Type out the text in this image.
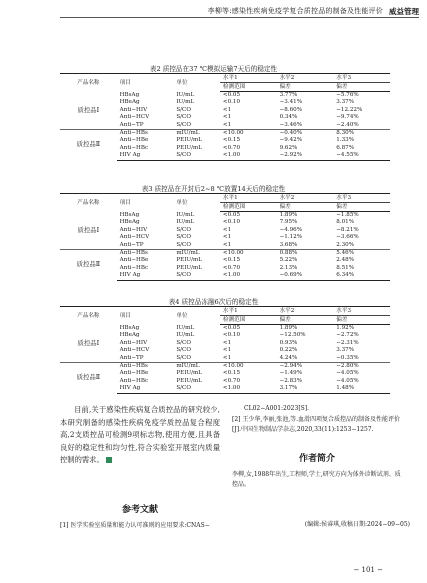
李柳等:感染性疾病免疫学复合质控品的制备及性能评价 威益管理
表2 质控品在37 ℃模拟运输7天后的稳定性
产品名称	项目	单位	水平1	水平2	水平3
			检测范围	偏差	偏差
质控品Ⅰ	HBsAg	IU/mL	<0.05	3.77%	−5.76%
	HBeAg	IU/mL	<0.10	−3.41%	3.37%
	Anti−HIV	S/CO	<1	−8.60%	−12.22%
	Anti−HCV	S/CO	<1	0.34%	−9.74%
	Anti−TP	S/CO	<1	−3.46%	−2.40%
质控品Ⅱ	Anti−HBs	mIU/mL	<10.00	−0.40%	8.30%
	Anti−HBe	PEIU/mL	<0.15	−9.42%	1.33%
	Anti−HBc	PEIU/mL	<0.70	9.62%	6.87%
	HIV Ag	S/CO	<1.00	−2.92%	−4.55%
表3 质控品在开封后2~8 ℃放置14天后的稳定性
产品名称	项目	单位	水平1	水平2	水平3
			检测范围	偏差	偏差
质控品Ⅰ	HBsAg	IU/mL	<0.05	1.89%	−1.85%
	HBeAg	IU/mL	<0.10	7.95%	8.01%
	Anti−HIV	S/CO	<1	−4.96%	−8.21%
	Anti−HCV	S/CO	<1	−1.12%	−3.66%
	Anti−TP	S/CO	<1	3.68%	2.30%
质控品Ⅱ	Anti−HBs	mIU/mL	<10.00	0.88%	5.46%
	Anti−HBe	PEIU/mL	<0.15	5.22%	2.48%
	Anti−HBc	PEIU/mL	<0.70	2.13%	8.51%
	HIV Ag	S/CO	<1.00	−0.69%	6.34%
表4 质控品冻融6次后的稳定性
产品名称	项目	单位	水平1	水平2	水平3
			检测范围	偏差	偏差
质控品Ⅰ	HBsAg	IU/mL	<0.05	1.89%	1.92%
	HBeAg	IU/mL	<0.10	−12.50%	−2.72%
	Anti−HIV	S/CO	<1	0.93%	−2.31%
	Anti−HCV	S/CO	<1	0.22%	3.37%
	Anti−TP	S/CO	<1	4.24%	−0.35%
质控品Ⅱ	Anti−HBs	mIU/mL	<10.00	−2.94%	−2.80%
	Anti−HBe	PEIU/mL	<0.15	−1.49%	−4.05%
	Anti−HBc	PEIU/mL	<0.70	−2.83%	−4.05%
	HIV Ag	S/CO	<1.00	3.17%	1.48%
目前,关于感染性疾病复合质控品的研究较少,本研究制备的感染性疾病免疫学质控品复合程度高,2支质控品可检测9项标志物,使用方便,且具备良好的稳定性和均匀性,符合实验室开展室内质量控制的需求。
参考文献
[1] 医学实验室质量和能力认可准则的应用要求:CNAS−
CL02−A001:2023[S].
[2] 王少华,李丽,张池,等.血滑四项复合质控品的制备及性能评价[J].中国生物制品学杂志,2020,33(11):1253−1257.
作者简介
李柳,女,1988年出生,工程师,学士,研究方向为体外诊断试剂、质控品。
(编辑:侯睿琪,收稿日期:2024−09−05)
− 101 −
